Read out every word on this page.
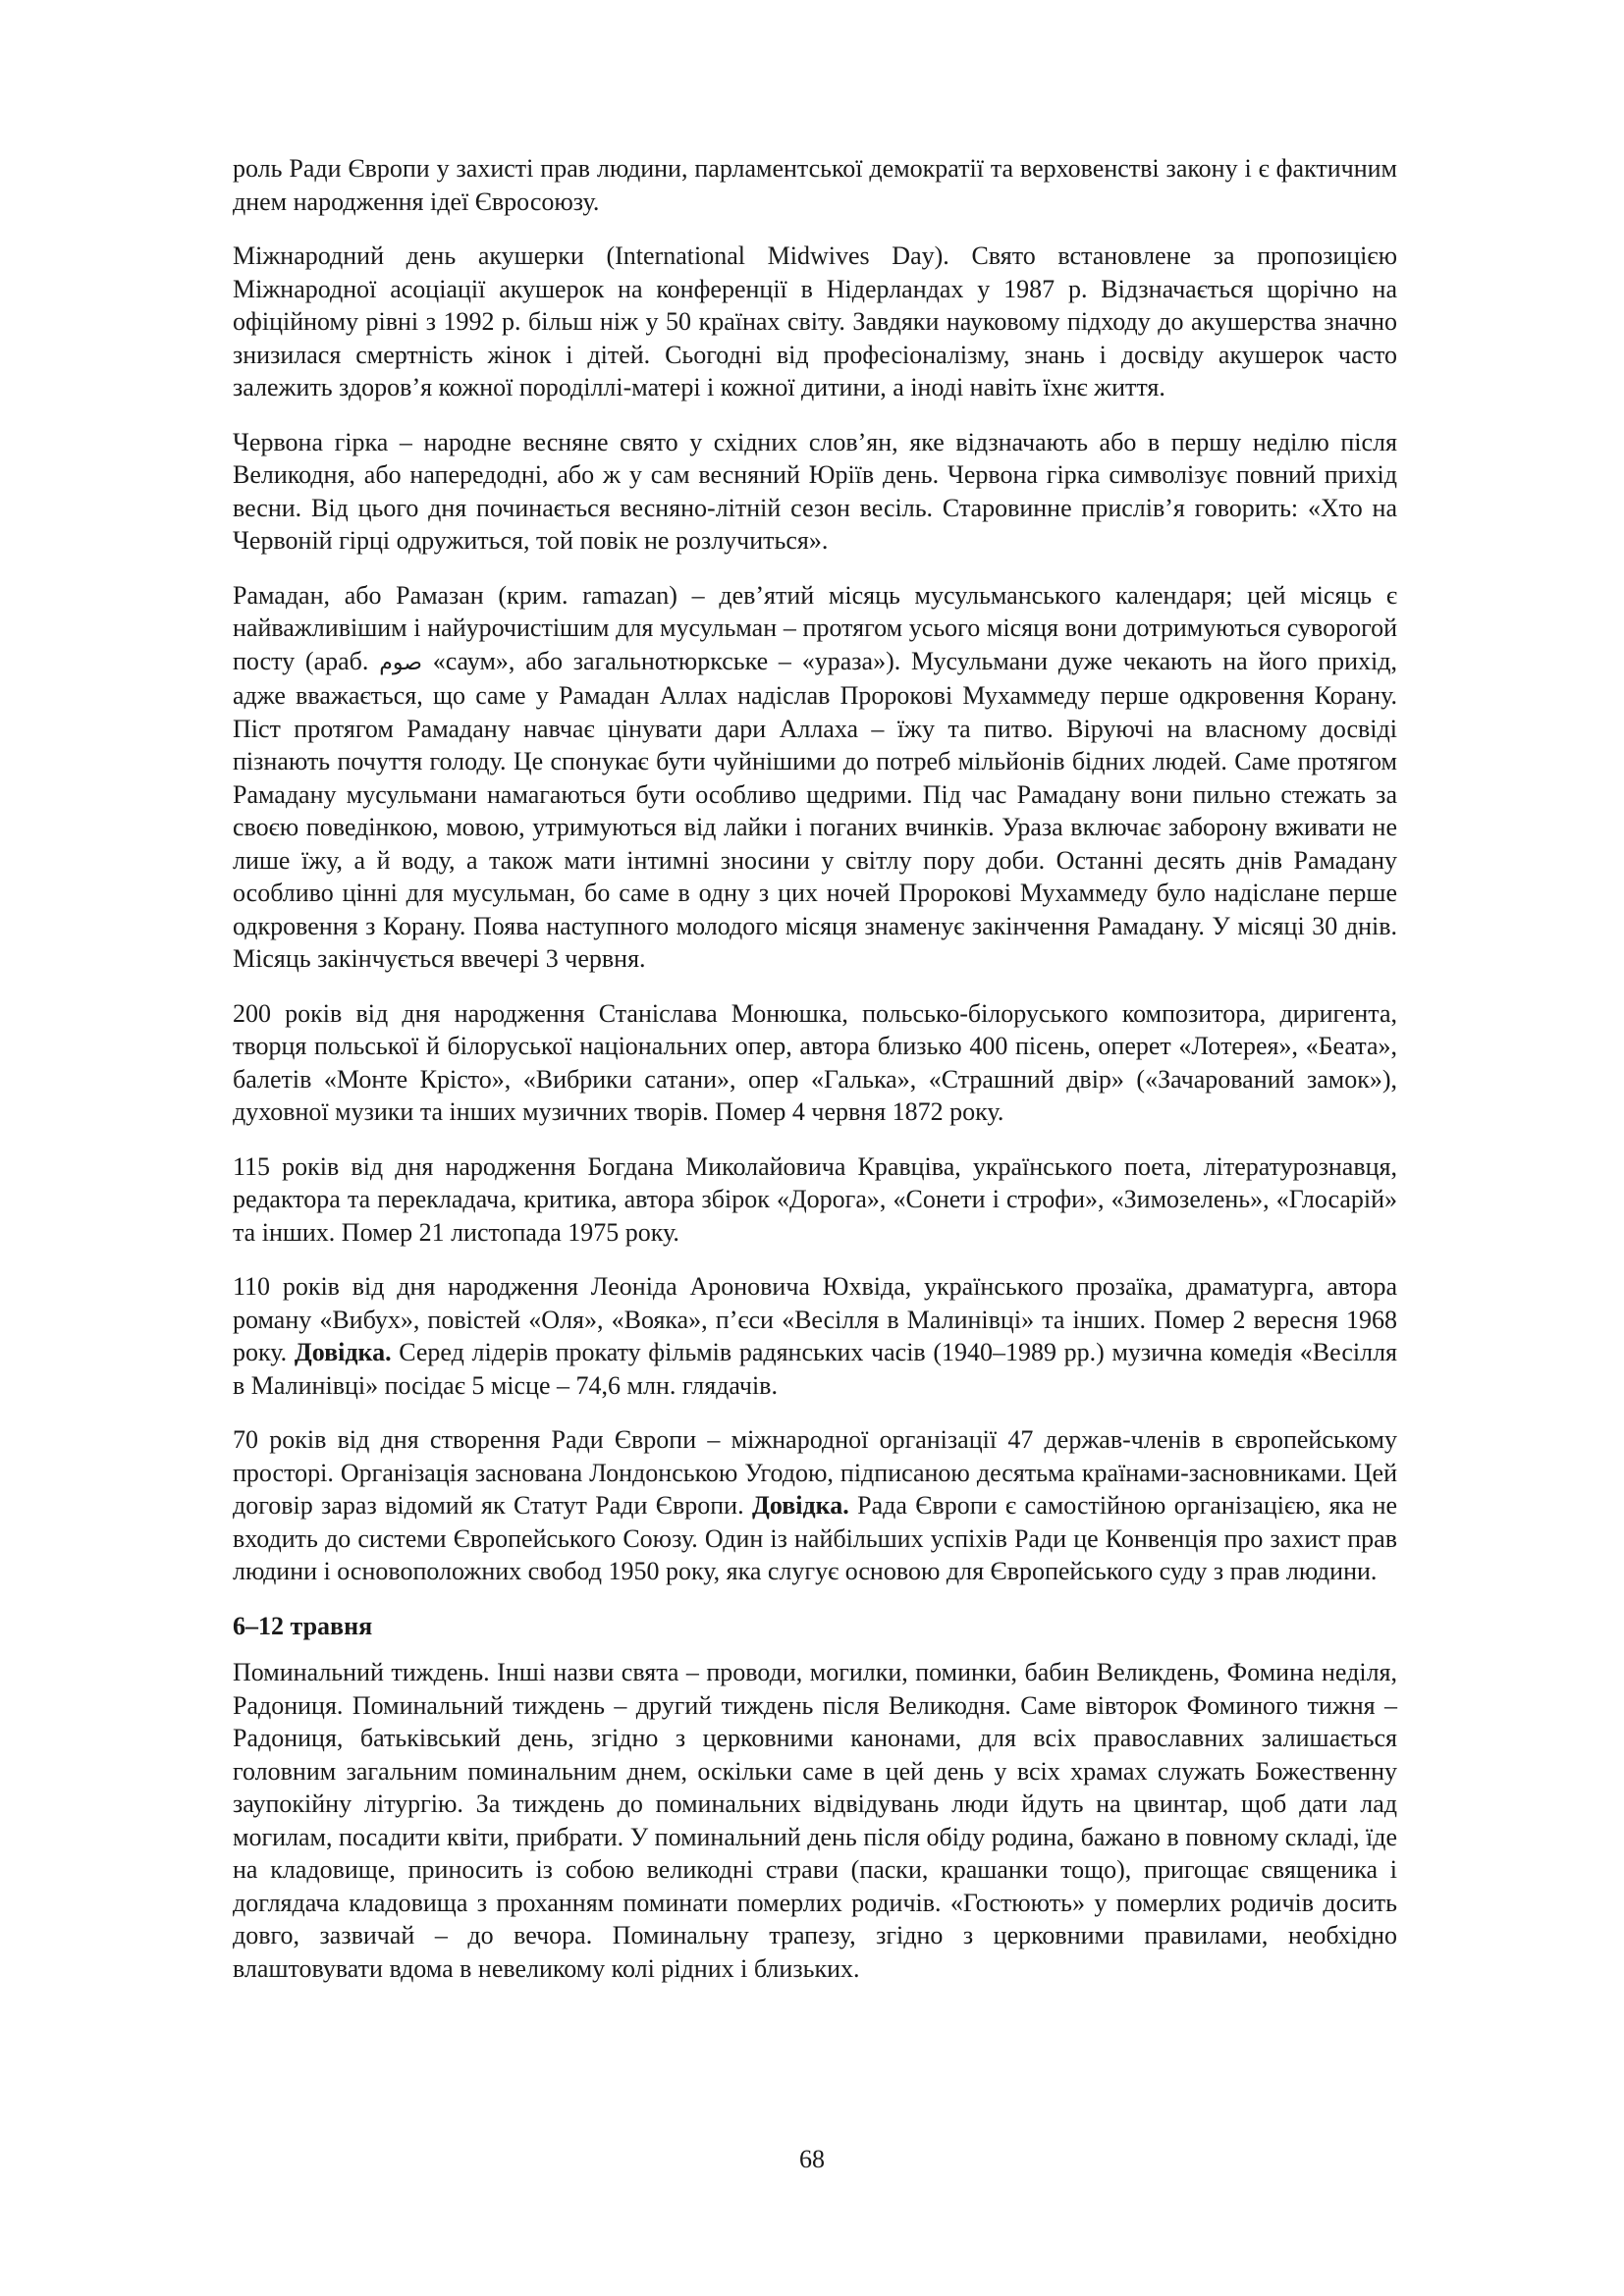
роль Ради Європи у захисті прав людини, парламентської демократії та верховенстві закону і є фактичним днем народження ідеї Євросоюзу.

Міжнародний день акушерки (International Midwives Day). Свято встановлене за пропозицією Міжнародної асоціації акушерок на конференції в Нідерландах у 1987 р. Відзначається щорічно на офіційному рівні з 1992 р. більш ніж у 50 країнах світу. Завдяки науковому підходу до акушерства значно знизилася смертність жінок і дітей. Сьогодні від професіоналізму, знань і досвіду акушерок часто залежить здоров’я кожної породіллі-матері і кожної дитини, а іноді навіть їхнє життя.

Червона гірка – народне весняне свято у східних слов’ян, яке відзначають або в першу неділю після Великодня, або напередодні, або ж у сам весняний Юріїв день. Червона гірка символізує повний прихід весни. Від цього дня починається весняно-літній сезон весіль. Старовинне прислів’я говорить: «Хто на Червоній гірці одружиться, той повік не розлучиться».

Рамадан, або Рамазан (крим. ramazan) – дев’ятий місяць мусульманського календаря; цей місяць є найважливішим і найурочистішим для мусульман – протягом усього місяця вони дотримуються суворогой посту (араб. صوم «саум», або загальнотюркське – «ураза»). Мусульмани дуже чекають на його прихід, адже вважається, що саме у Рамадан Аллах надіслав Пророкові Мухаммеду перше одкровення Корану. Піст протягом Рамадану навчає цінувати дари Аллаха – їжу та питво. Віруючі на власному досвіді пізнають почуття голоду. Це спонукає бути чуйнішими до потреб мільйонів бідних людей. Саме протягом Рамадану мусульмани намагаються бути особливо щедрими. Під час Рамадану вони пильно стежать за своєю поведінкою, мовою, утримуються від лайки і поганих вчинків. Ураза включає заборону вживати не лише їжу, а й воду, а також мати інтимні зносини у світлу пору доби. Останні десять днів Рамадану особливо цінні для мусульман, бо саме в одну з цих ночей Пророкові Мухаммеду було надіслане перше одкровення з Корану. Поява наступного молодого місяця знаменує закінчення Рамадану. У місяці 30 днів. Місяць закінчується ввечері 3 червня.

200 років від дня народження Станіслава Монюшка, польсько-білоруського композитора, диригента, творця польської й білоруської національних опер, автора близько 400 пісень, оперет «Лотерея», «Беата», балетів «Монте Крісто», «Вибрики сатани», опер «Галька», «Страшний двір» («Зачарований замок»), духовної музики та інших музичних творів. Помер 4 червня 1872 року.

115 років від дня народження Богдана Миколайовича Кравціва, українського поета, літературознавця, редактора та перекладача, критика, автора збірок «Дорога», «Сонети і строфи», «Зимозелень», «Глосарій» та інших. Помер 21 листопада 1975 року.

110 років від дня народження Леоніда Ароновича Юхвіда, українського прозаїка, драматурга, автора роману «Вибух», повістей «Оля», «Вояка», п’єси «Весілля в Малинівці» та інших. Помер 2 вересня 1968 року. Довідка. Серед лідерів прокату фільмів радянських часів (1940–1989 рр.) музична комедія «Весілля в Малинівці» посідає 5 місце – 74,6 млн. глядачів.

70 років від дня створення Ради Європи – міжнародної організації 47 держав-членів в європейському просторі. Організація заснована Лондонською Угодою, підписаною десятьма країнами-засновниками. Цей договір зараз відомий як Статут Ради Європи. Довідка. Рада Європи є самостійною організацією, яка не входить до системи Європейського Союзу. Один із найбільших успіхів Ради це Конвенція про захист прав людини і основоположних свобод 1950 року, яка слугує основою для Європейського суду з прав людини.

6–12 травня

Поминальний тиждень. Інші назви свята – проводи, могилки, поминки, бабин Великдень, Фомина неділя, Радониця. Поминальний тиждень – другий тиждень після Великодня. Саме вівторок Фоминого тижня – Радониця, батьківський день, згідно з церковними канонами, для всіх православних залишається головним загальним поминальним днем, оскільки саме в цей день у всіх храмах служать Божественну заупокійну літургію. За тиждень до поминальних відвідувань люди йдуть на цвинтар, щоб дати лад могилам, посадити квіти, прибрати. У поминальний день після обіду родина, бажано в повному складі, їде на кладовище, приносить із собою великодні страви (паски, крашанки тощо), пригощає священика і доглядача кладовища з проханням поминати померлих родичів. «Гостюють» у померлих родичів досить довго, зазвичай – до вечора. Поминальну трапезу, згідно з церковними правилами, необхідно влаштовувати вдома в невеликому колі рідних і близьких.

68
